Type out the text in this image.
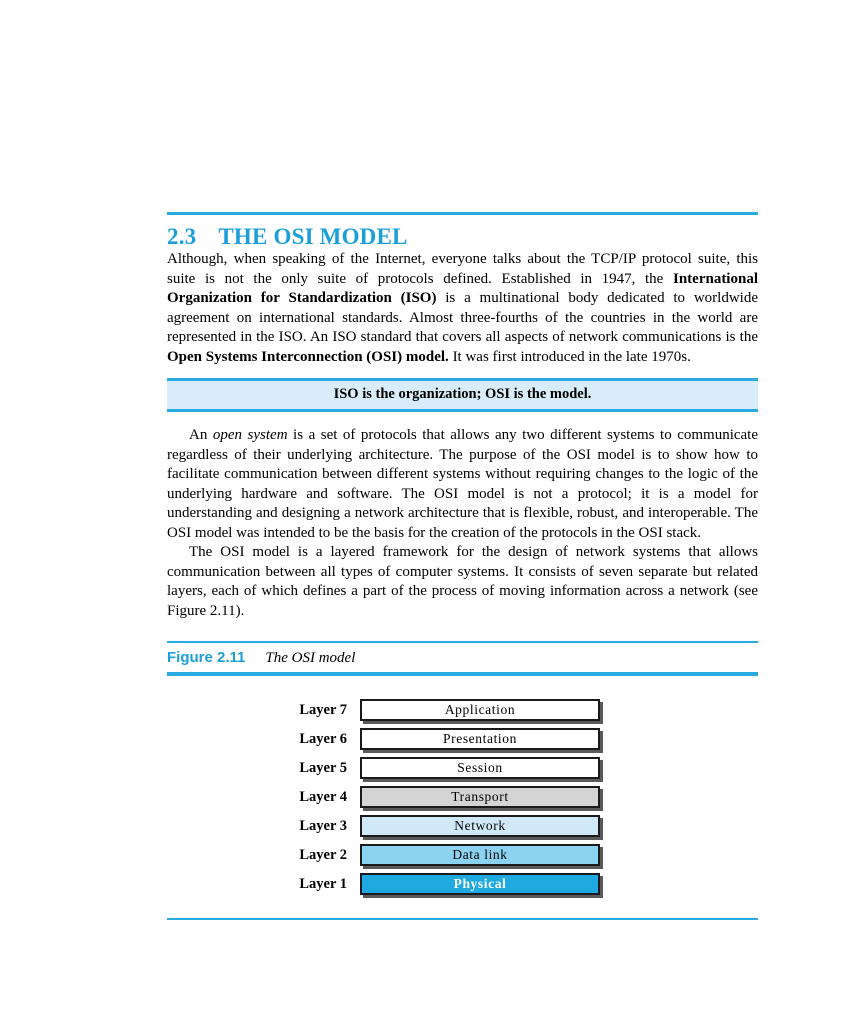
2.3 THE OSI MODEL

Although, when speaking of the Internet, everyone talks about the TCP/IP protocol suite, this suite is not the only suite of protocols defined. Established in 1947, the International Organization for Standardization (ISO) is a multinational body dedicated to worldwide agreement on international standards. Almost three-fourths of the countries in the world are represented in the ISO. An ISO standard that covers all aspects of network communications is the Open Systems Interconnection (OSI) model. It was first introduced in the late 1970s.

ISO is the organization; OSI is the model.

An open system is a set of protocols that allows any two different systems to communicate regardless of their underlying architecture. The purpose of the OSI model is to show how to facilitate communication between different systems without requiring changes to the logic of the underlying hardware and software. The OSI model is not a protocol; it is a model for understanding and designing a network architecture that is flexible, robust, and interoperable. The OSI model was intended to be the basis for the creation of the protocols in the OSI stack.

The OSI model is a layered framework for the design of network systems that allows communication between all types of computer systems. It consists of seven separate but related layers, each of which defines a part of the process of moving information across a network (see Figure 2.11).

Figure 2.11 The OSI model
Layer 7	Application
Layer 6	Presentation
Layer 5	Session
Layer 4	Transport
Layer 3	Network
Layer 2	Data link
Layer 1	Physical
